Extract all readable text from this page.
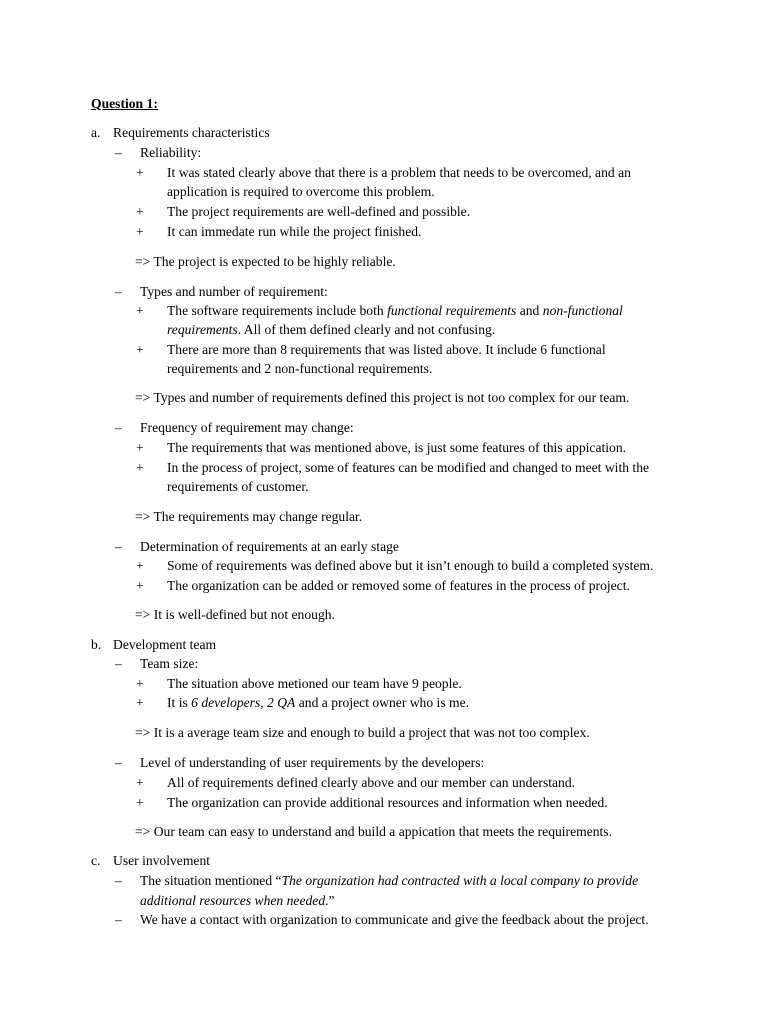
Question 1:
a. Requirements characteristics
– Reliability:
+ It was stated clearly above that there is a problem that needs to be overcomed, and an
application is required to overcome this problem.
+ The project requirements are well-defined and possible.
+ It can immedate run while the project finished.
=> The project is expected to be highly reliable.
– Types and number of requirement:
+ The software requirements include both functional requirements and non-functional
requirements. All of them defined clearly and not confusing.
+ There are more than 8 requirements that was listed above. It include 6 functional
requirements and 2 non-functional requirements.
=> Types and number of requirements defined this project is not too complex for our team.
– Frequency of requirement may change:
+ The requirements that was mentioned above, is just some features of this appication.
+ In the process of project, some of features can be modified and changed to meet with the
requirements of customer.
=> The requirements may change regular.
– Determination of requirements at an early stage
+ Some of requirements was defined above but it isn’t enough to build a completed system.
+ The organization can be added or removed some of features in the process of project.
=> It is well-defined but not enough.
b. Development team
– Team size:
+ The situation above metioned our team have 9 people.
+ It is 6 developers, 2 QA and a project owner who is me.
=> It is a average team size and enough to build a project that was not too complex.
– Level of understanding of user requirements by the developers:
+ All of requirements defined clearly above and our member can understand.
+ The organization can provide additional resources and information when needed.
=> Our team can easy to understand and build a appication that meets the requirements.
c. User involvement
– The situation mentioned “The organization had contracted with a local company to provide
additional resources when needed.”
– We have a contact with organization to communicate and give the feedback about the project.
